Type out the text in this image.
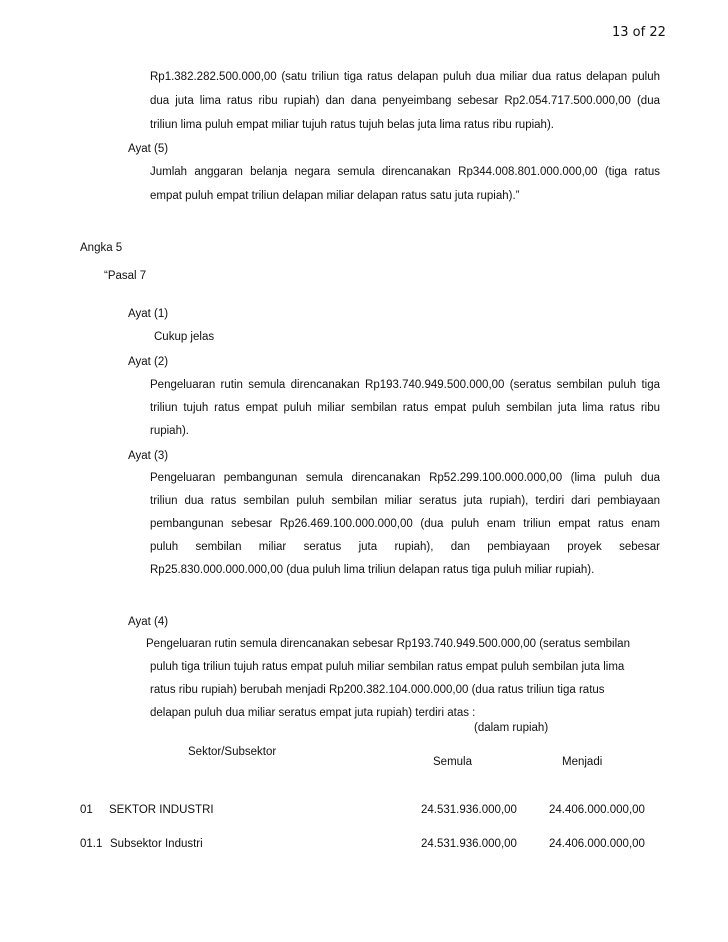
13 of 22
Rp1.382.282.500.000,00 (satu triliun tiga ratus delapan puluh dua miliar dua ratus delapan puluh
dua juta lima ratus ribu rupiah) dan dana penyeimbang sebesar Rp2.054.717.500.000,00 (dua
triliun lima puluh empat miliar tujuh ratus tujuh belas juta lima ratus ribu rupiah).
Ayat (5)
Jumlah anggaran belanja negara semula direncanakan Rp344.008.801.000.000,00 (tiga ratus
empat puluh empat triliun delapan miliar delapan ratus satu juta rupiah).”
Angka 5
“Pasal 7
Ayat (1)
Cukup jelas
Ayat (2)
Pengeluaran rutin semula direncanakan Rp193.740.949.500.000,00 (seratus sembilan puluh tiga
triliun tujuh ratus empat puluh miliar sembilan ratus empat puluh sembilan juta lima ratus ribu
rupiah).
Ayat (3)
Pengeluaran pembangunan semula direncanakan Rp52.299.100.000.000,00 (lima puluh dua
triliun dua ratus sembilan puluh sembilan miliar seratus juta rupiah), terdiri dari pembiayaan
pembangunan sebesar Rp26.469.100.000.000,00 (dua puluh enam triliun empat ratus enam
puluh sembilan miliar seratus juta rupiah), dan pembiayaan proyek sebesar
Rp25.830.000.000.000,00 (dua puluh lima triliun delapan ratus tiga puluh miliar rupiah).
Ayat (4)
Pengeluaran rutin semula direncanakan sebesar Rp193.740.949.500.000,00 (seratus sembilan
puluh tiga triliun tujuh ratus empat puluh miliar sembilan ratus empat puluh sembilan juta lima
ratus ribu rupiah) berubah menjadi Rp200.382.104.000.000,00 (dua ratus triliun tiga ratus
delapan puluh dua miliar seratus empat juta rupiah) terdiri atas :
(dalam rupiah)
Sektor/Subsektor
Semula	Menjadi
01 SEKTOR INDUSTRI	24.531.936.000,00	24.406.000.000,00
01.1 Subsektor Industri	24.531.936.000,00	24.406.000.000,00
